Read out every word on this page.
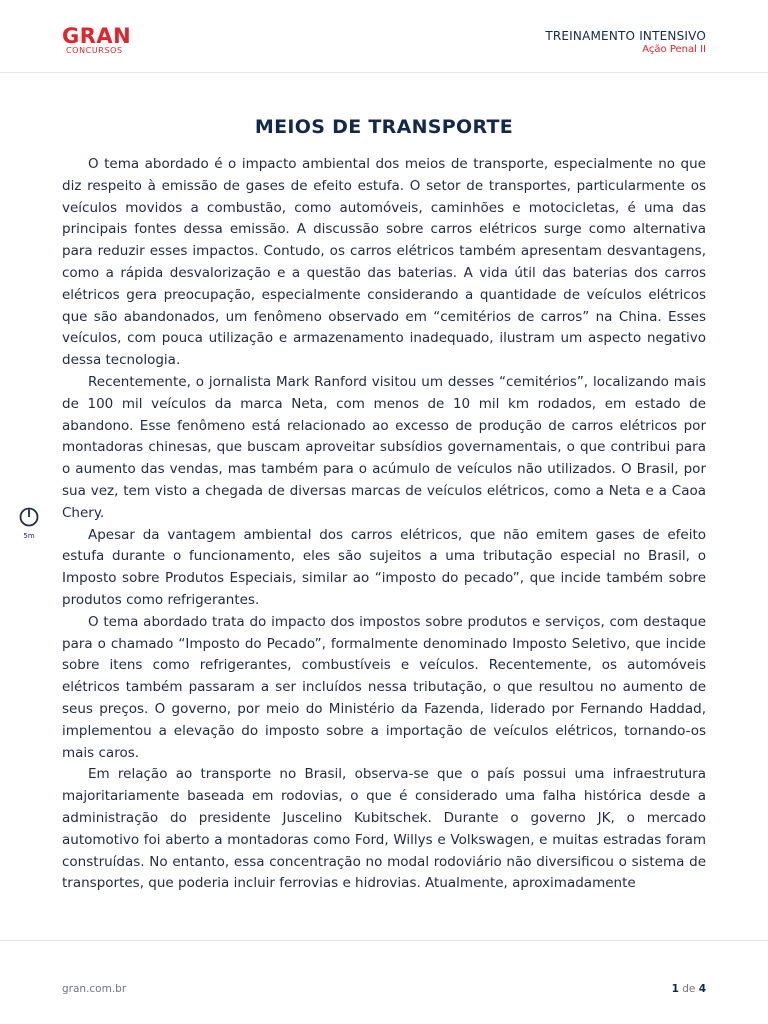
GRAN
CONCURSOS
TREINAMENTO INTENSIVO
Ação Penal II
MEIOS DE TRANSPORTE

O tema abordado é o impacto ambiental dos meios de transporte, especialmente no que diz respeito à emissão de gases de efeito estufa. O setor de transportes, particularmente os veículos movidos a combustão, como automóveis, caminhões e motocicletas, é uma das principais fontes dessa emissão. A discussão sobre carros elétricos surge como alternativa para reduzir esses impactos. Contudo, os carros elétricos também apresentam desvantagens, como a rápida desvalorização e a questão das baterias. A vida útil das baterias dos carros elétricos gera preocupação, especialmente considerando a quantidade de veículos elétricos que são abandonados, um fenômeno observado em “cemitérios de carros” na China. Esses veículos, com pouca utilização e armazenamento inadequado, ilustram um aspecto negativo dessa tecnologia.

Recentemente, o jornalista Mark Ranford visitou um desses “cemitérios”, localizando mais de 100 mil veículos da marca Neta, com menos de 10 mil km rodados, em estado de abandono. Esse fenômeno está relacionado ao excesso de produção de carros elétricos por montadoras chinesas, que buscam aproveitar subsídios governamentais, o que contribui para o aumento das vendas, mas também para o acúmulo de veículos não utilizados. O Brasil, por sua vez, tem visto a chegada de diversas marcas de veículos elétricos, como a Neta e a Caoa Chery.

Apesar da vantagem ambiental dos carros elétricos, que não emitem gases de efeito estufa durante o funcionamento, eles são sujeitos a uma tributação especial no Brasil, o Imposto sobre Produtos Especiais, similar ao “imposto do pecado”, que incide também sobre produtos como refrigerantes.

O tema abordado trata do impacto dos impostos sobre produtos e serviços, com destaque para o chamado “Imposto do Pecado”, formalmente denominado Imposto Seletivo, que incide sobre itens como refrigerantes, combustíveis e veículos. Recentemente, os automóveis elétricos também passaram a ser incluídos nessa tributação, o que resultou no aumento de seus preços. O governo, por meio do Ministério da Fazenda, liderado por Fernando Haddad, implementou a elevação do imposto sobre a importação de veículos elétricos, tornando-os mais caros.

Em relação ao transporte no Brasil, observa-se que o país possui uma infraestrutura majoritariamente baseada em rodovias, o que é considerado uma falha histórica desde a administração do presidente Juscelino Kubitschek. Durante o governo JK, o mercado automotivo foi aberto a montadoras como Ford, Willys e Volkswagen, e muitas estradas foram construídas. No entanto, essa concentração no modal rodoviário não diversificou o sistema de transportes, que poderia incluir ferrovias e hidrovias. Atualmente, aproximadamente

5m
gran.com.br	1 de 4
